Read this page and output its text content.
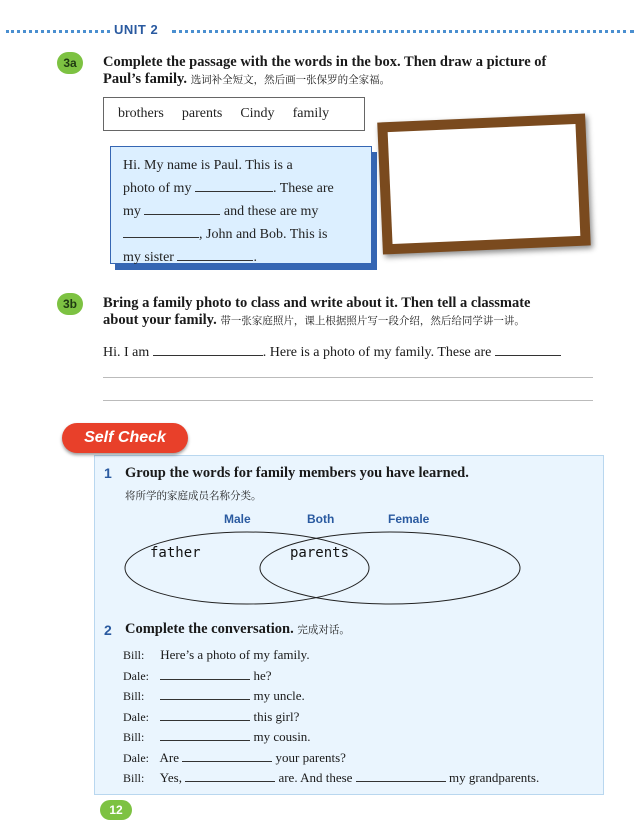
UNIT 2
3a	Complete the passage with the words in the box. Then draw a picture of
Paul’s family. 选词补全短文，然后画一张保罗的全家福。
brothers parents Cindy family
Hi. My name is Paul. This is a
photo of my	. These are
my	and these are my
, John and Bob. This is
my sister	.
3b	Bring a family photo to class and write about it. Then tell a classmate
about your family. 带一张家庭照片，课上根据照片写一段介绍，然后给同学讲一讲。
Hi. I am	. Here is a photo of my family. These are
Self Check
1 Group the words for family members you have learned.
将所学的家庭成员名称分类。
Male	Both	Female
father	parents
2 Complete the conversation. 完成对话。
Bill: Here’s a photo of my family.
Dale:	he?
Bill:	my uncle.
Dale:	this girl?
Bill:	my cousin.
Dale: Are	your parents?
Bill: Yes,	are. And these	my grandparents.
12
